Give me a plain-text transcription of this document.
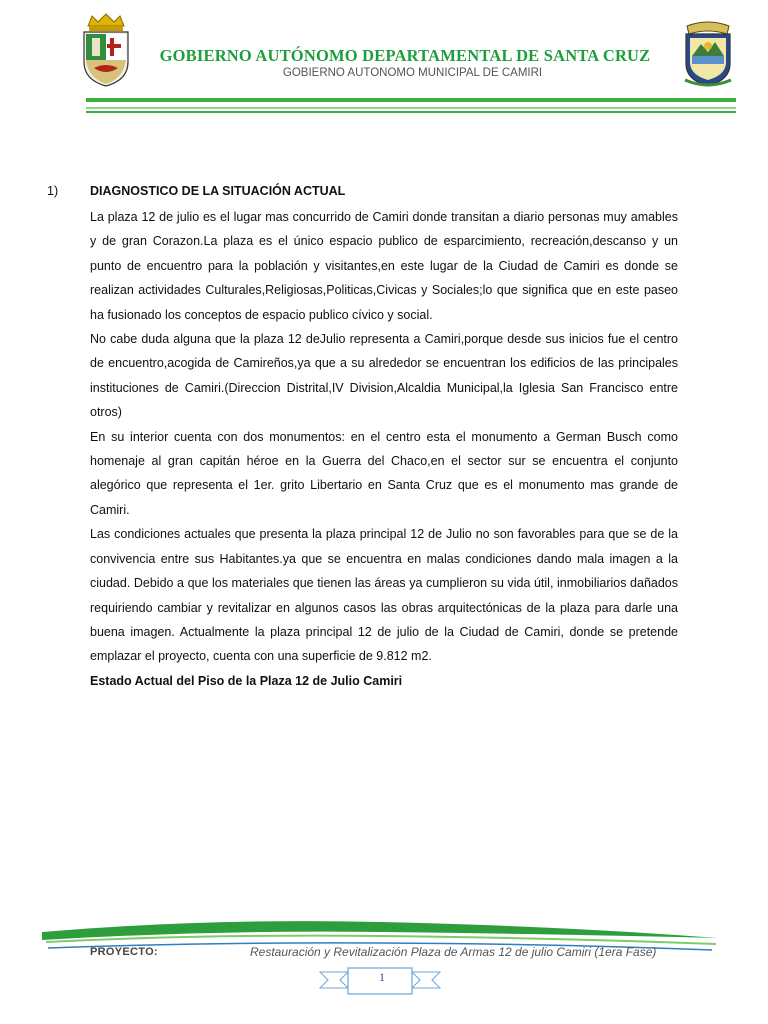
GOBIERNO AUTÓNOMO DEPARTAMENTAL DE SANTA CRUZ
GOBIERNO AUTONOMO MUNICIPAL DE CAMIRI
1)	DIAGNOSTICO DE LA SITUACIÓN ACTUAL

La plaza 12 de julio es el lugar mas concurrido de Camiri donde transitan a diario personas muy amables y de gran Corazon.La plaza es el único espacio publico de esparcimiento, recreación,descanso y un punto de encuentro para la población y visitantes,en este lugar de la Ciudad de Camiri es donde se realizan actividades Culturales,Religiosas,Politicas,Civicas y Sociales;lo que significa que en este paseo ha fusionado los conceptos de espacio publico cívico y social.

No cabe duda alguna que la plaza 12 deJulio representa a Camiri,porque desde sus inicios fue el centro de encuentro,acogida de Camireños,ya que a su alrededor se encuentran los edificios de las principales instituciones de Camiri.(Direccion Distrital,IV Division,Alcaldia Municipal,la Iglesia San Francisco entre otros)

En su interior cuenta con dos monumentos: en el centro esta el monumento a German Busch como homenaje al gran capitán héroe en la Guerra del Chaco,en el sector sur se encuentra el conjunto alegórico que representa el 1er. grito Libertario en Santa Cruz que es el monumento mas grande de Camiri.

Las condiciones actuales que presenta la plaza principal 12 de Julio no son favorables para que se de la convivencia entre sus Habitantes.ya que se encuentra en malas condiciones dando mala imagen a la ciudad. Debido a que los materiales que tienen las áreas ya cumplieron su vida útil, inmobiliarios dañados requiriendo cambiar y revitalizar en algunos casos las obras arquitectónicas de la plaza para darle una buena imagen. Actualmente la plaza principal 12 de julio de la Ciudad de Camiri, donde se pretende emplazar el proyecto, cuenta con una superficie de 9.812 m2.

Estado Actual del Piso de la Plaza 12 de Julio Camiri

PROYECTO:	Restauración y Revitalización Plaza de Armas 12 de julio Camiri (1era Fase)
1
